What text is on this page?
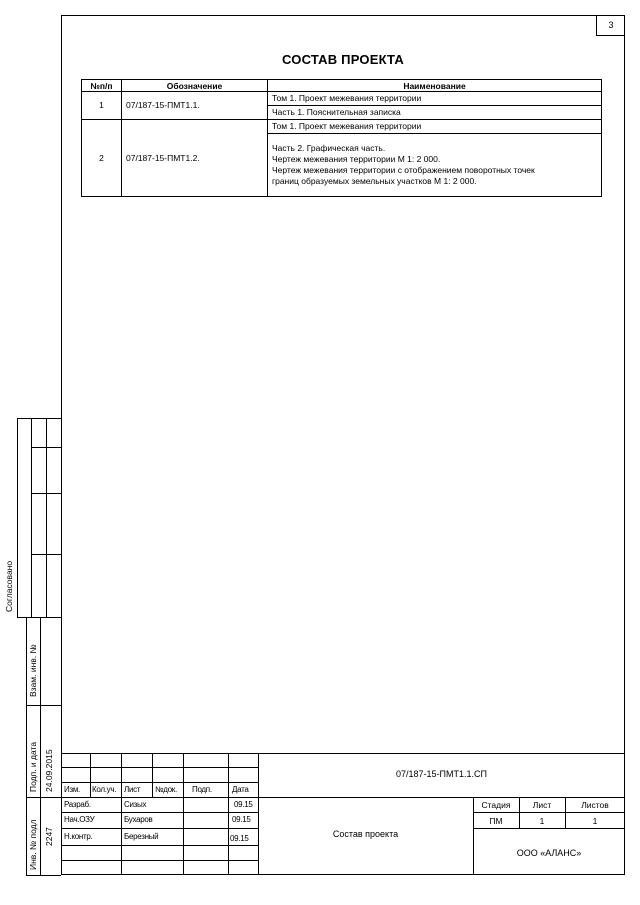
3
СОСТАВ ПРОЕКТА
№п/п	Обозначение	Наименование
1	07/187-15-ПМТ1.1.	Том 1. Проект межевания территории
		Часть 1. Пояснительная записка
2	07/187-15-ПМТ1.2.	Том 1. Проект межевания территории

		Часть 2. Графическая часть.
Чертеж межевания территории М 1: 2 000.
Чертеж межевания территории с отображением поворотных точек
границ образуемых земельных участков М 1: 2 000.
Согласовано
Взам. инв. №
Подп. и дата 24.09.2015
Инв. № подл 2247
07/187-15-ПМТ1.1.СП
Изм. Кол.уч. Лист №док. Подп.	Дата
Разраб.	Сизых	09.15
Нач.ОЗУ	Бухаров	09.15
Н.контр.	Березный	09.15	Состав проекта
Стадия	Лист	Листов
ПМ	1	1
ООО «АЛАНС»
